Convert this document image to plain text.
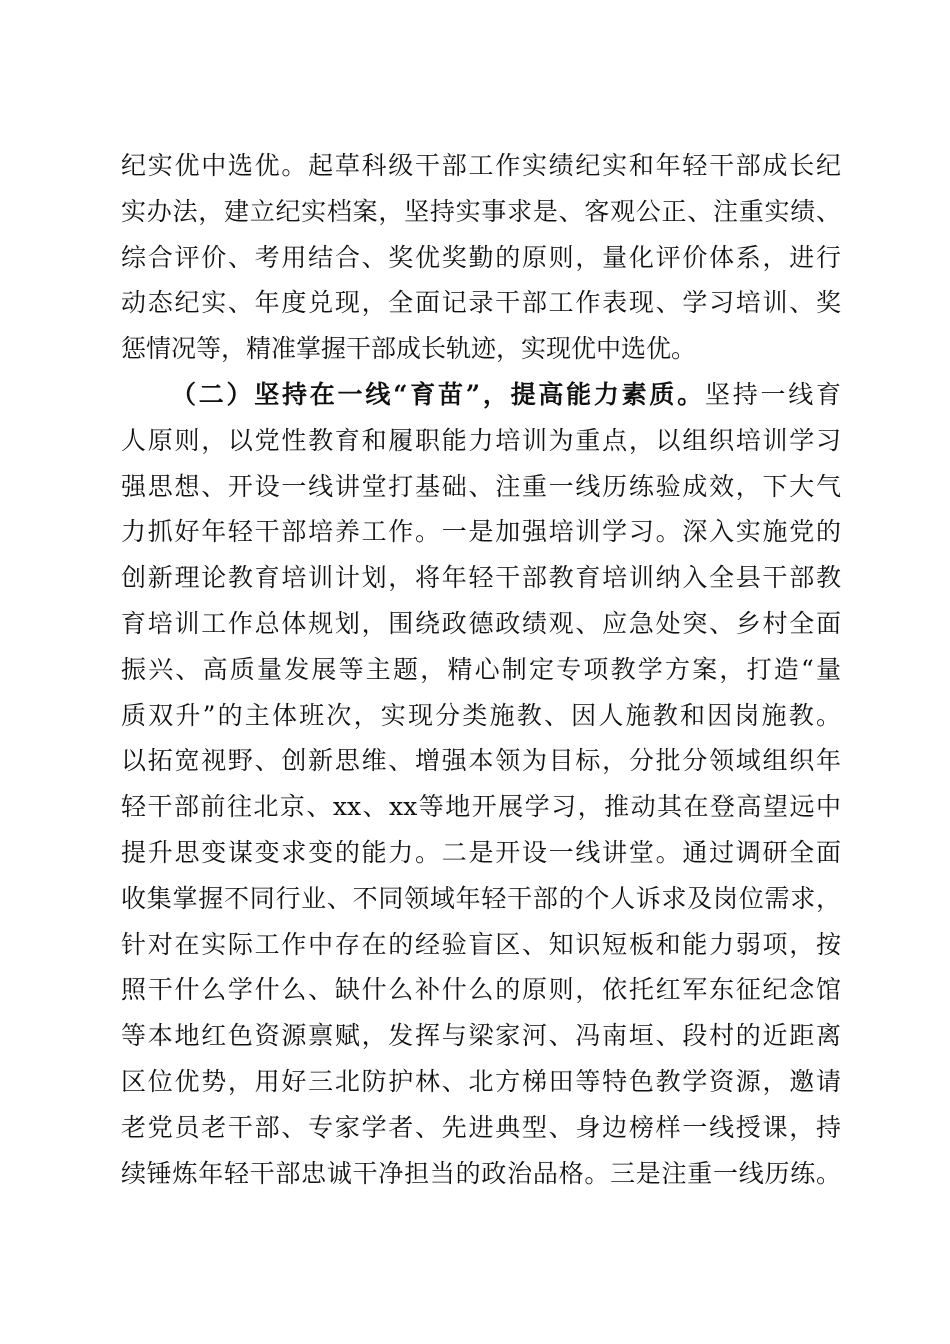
纪实优中选优。起草科级干部工作实绩纪实和年轻干部成长纪
实办法，建立纪实档案，坚持实事求是、客观公正、注重实绩、
综合评价、考用结合、奖优奖勤的原则，量化评价体系，进行
动态纪实、年度兑现，全面记录干部工作表现、学习培训、奖
惩情况等，精准掌握干部成长轨迹，实现优中选优。
（二）坚持在一线“育苗”，提高能力素质。坚持一线育
人原则，以党性教育和履职能力培训为重点，以组织培训学习
强思想、开设一线讲堂打基础、注重一线历练验成效，下大气
力抓好年轻干部培养工作。一是加强培训学习。深入实施党的
创新理论教育培训计划，将年轻干部教育培训纳入全县干部教
育培训工作总体规划，围绕政德政绩观、应急处突、乡村全面
振兴、高质量发展等主题，精心制定专项教学方案，打造“量
质双升”的主体班次，实现分类施教、因人施教和因岗施教。
以拓宽视野、创新思维、增强本领为目标，分批分领域组织年
轻干部前往北京、xx、xx等地开展学习，推动其在登高望远中
提升思变谋变求变的能力。二是开设一线讲堂。通过调研全面
收集掌握不同行业、不同领域年轻干部的个人诉求及岗位需求，
针对在实际工作中存在的经验盲区、知识短板和能力弱项，按
照干什么学什么、缺什么补什么的原则，依托红军东征纪念馆
等本地红色资源禀赋，发挥与梁家河、冯南垣、段村的近距离
区位优势，用好三北防护林、北方梯田等特色教学资源，邀请
老党员老干部、专家学者、先进典型、身边榜样一线授课，持
续锤炼年轻干部忠诚干净担当的政治品格。三是注重一线历练。
